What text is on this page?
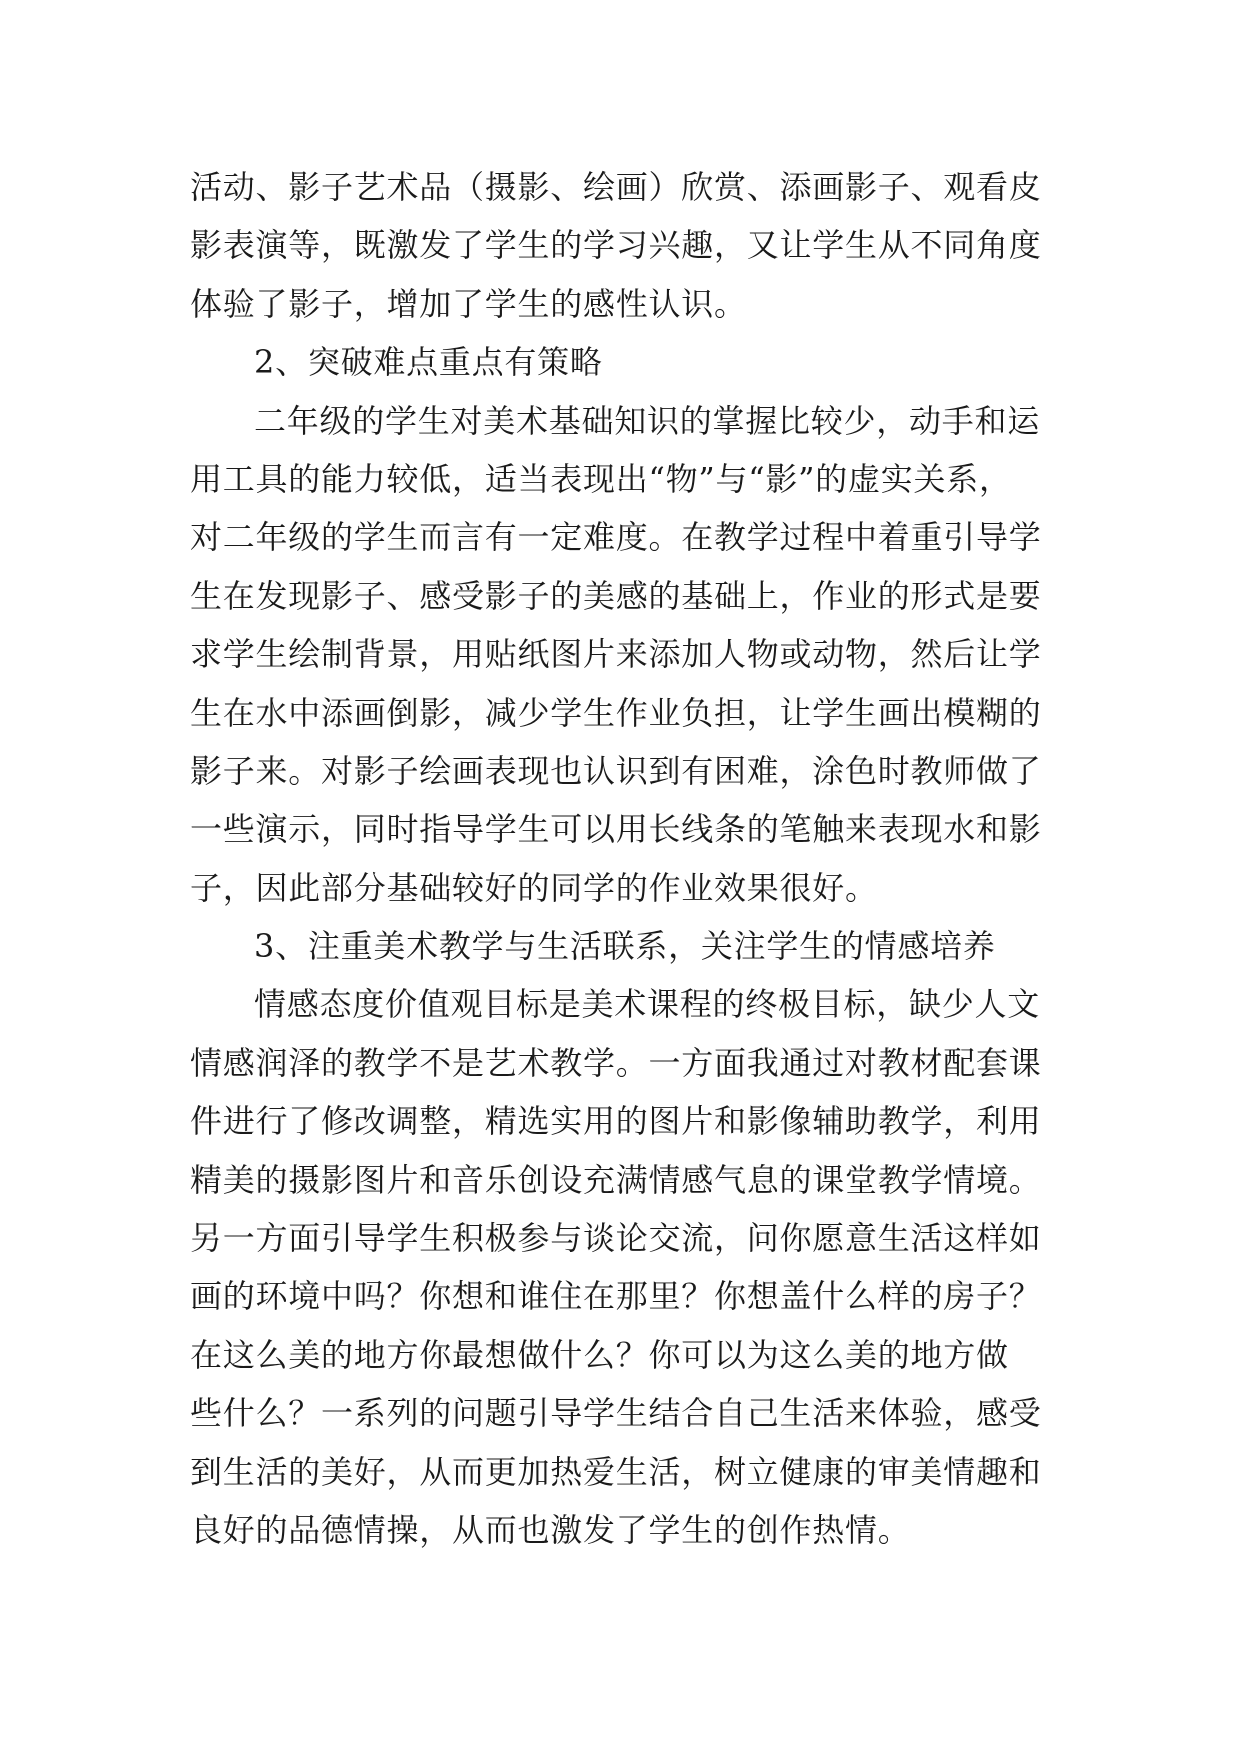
活动、影子艺术品（摄影、绘画）欣赏、添画影子、观看皮
影表演等，既激发了学生的学习兴趣，又让学生从不同角度
体验了影子，增加了学生的感性认识。
2、突破难点重点有策略
二年级的学生对美术基础知识的掌握比较少，动手和运
用工具的能力较低，适当表现出“物”与“影”的虚实关系，
对二年级的学生而言有一定难度。在教学过程中着重引导学
生在发现影子、感受影子的美感的基础上，作业的形式是要
求学生绘制背景，用贴纸图片来添加人物或动物，然后让学
生在水中添画倒影，减少学生作业负担，让学生画出模糊的
影子来。对影子绘画表现也认识到有困难，涂色时教师做了
一些演示，同时指导学生可以用长线条的笔触来表现水和影
子，因此部分基础较好的同学的作业效果很好。
3、注重美术教学与生活联系，关注学生的情感培养
情感态度价值观目标是美术课程的终极目标，缺少人文
情感润泽的教学不是艺术教学。一方面我通过对教材配套课
件进行了修改调整，精选实用的图片和影像辅助教学，利用
精美的摄影图片和音乐创设充满情感气息的课堂教学情境。
另一方面引导学生积极参与谈论交流，问你愿意生活这样如
画的环境中吗？你想和谁住在那里？你想盖什么样的房子？
在这么美的地方你最想做什么？你可以为这么美的地方做
些什么？一系列的问题引导学生结合自己生活来体验，感受
到生活的美好，从而更加热爱生活，树立健康的审美情趣和
良好的品德情操，从而也激发了学生的创作热情。
